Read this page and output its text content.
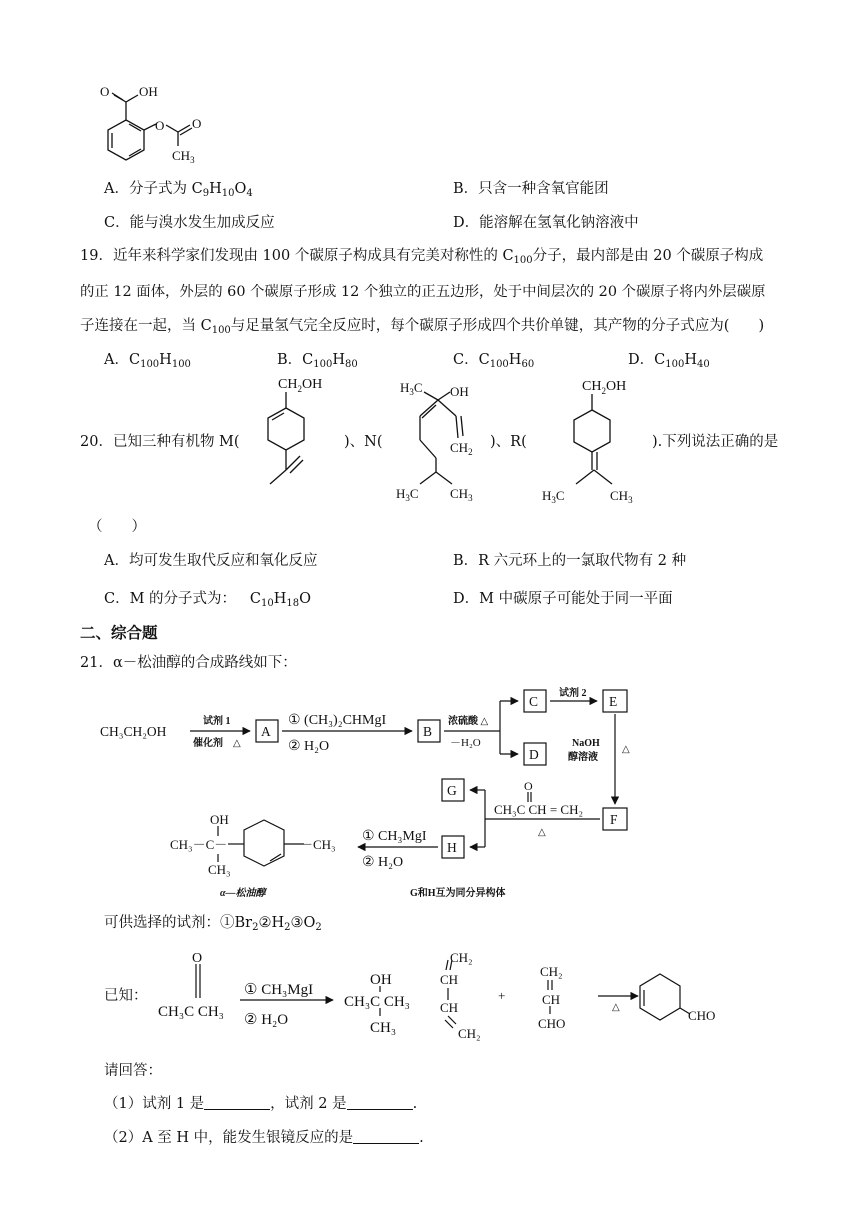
O OH
O O
$CH_3$
A．分子式为 $C_9H_{10}O_4$	B．只含一种含氧官能团
C．能与溴水发生加成反应	D．能溶解在氢氧化钠溶液中
19．近年来科学家们发现由 100 个碳原子构成具有完美对称性的 $C_{100}$分子，最内部是由 20 个碳原子构成
的正 12 面体，外层的 60 个碳原子形成 12 个独立的正五边形，处于中间层次的 20 个碳原子将内外层碳原
子连接在一起，当 $C_{100}$与足量氢气完全反应时，每个碳原子形成四个共价单键，其产物的分子式应为(　　)
A．$C_{100}H_{100}$	B．$C_{100}H_{80}$	C．$C_{100}H_{60}$	D．$C_{100}H_{40}$
20．已知三种有机物 M(	)、N(	)、R(	).下列说法正确的是
$CH_2OH$	$H_3C$ OH
$CH_2$
$H_3C$ $CH_3$
$CH_2OH$
$H_3C$	$CH_3$
（　　）
A．均可发生取代反应和氧化反应	B．R 六元环上的一氯取代物有 2 种
C．M 的分子式为： $C_{10}H_{18}O$	D．M 中碳原子可能处于同一平面
二、综合题
21．α－松油醇的合成路线如下：
CH₃CH₂OH
试剂 1
催化剂 △
A
① (CH₃)₂CHMgI
② H₂O
B
浓硫酸 △
－H₂O
C
D
试剂 2
E
NaOH
醇溶液
△
G
F
O
CH₃C CH = CH₂
△
H
① CH₃MgI
② H₂O
OH
CH₃－C－
CH₃
－CH₃
α—松油醇	G和H互为同分异构体
可供选择的试剂：$①Br_2②H_2③O_2$
已知：
O
CH₃C CH₃
① CH₃MgI
② H₂O
OH
CH₃C CH₃
CH₃
CH₂
CH
CH
CH₂
+
CH₂
CH
CHO
△
CHO
请回答：
（1）试剂 1 是	，试剂 2 是	.
（2）A 至 H 中，能发生银镜反应的是	.
